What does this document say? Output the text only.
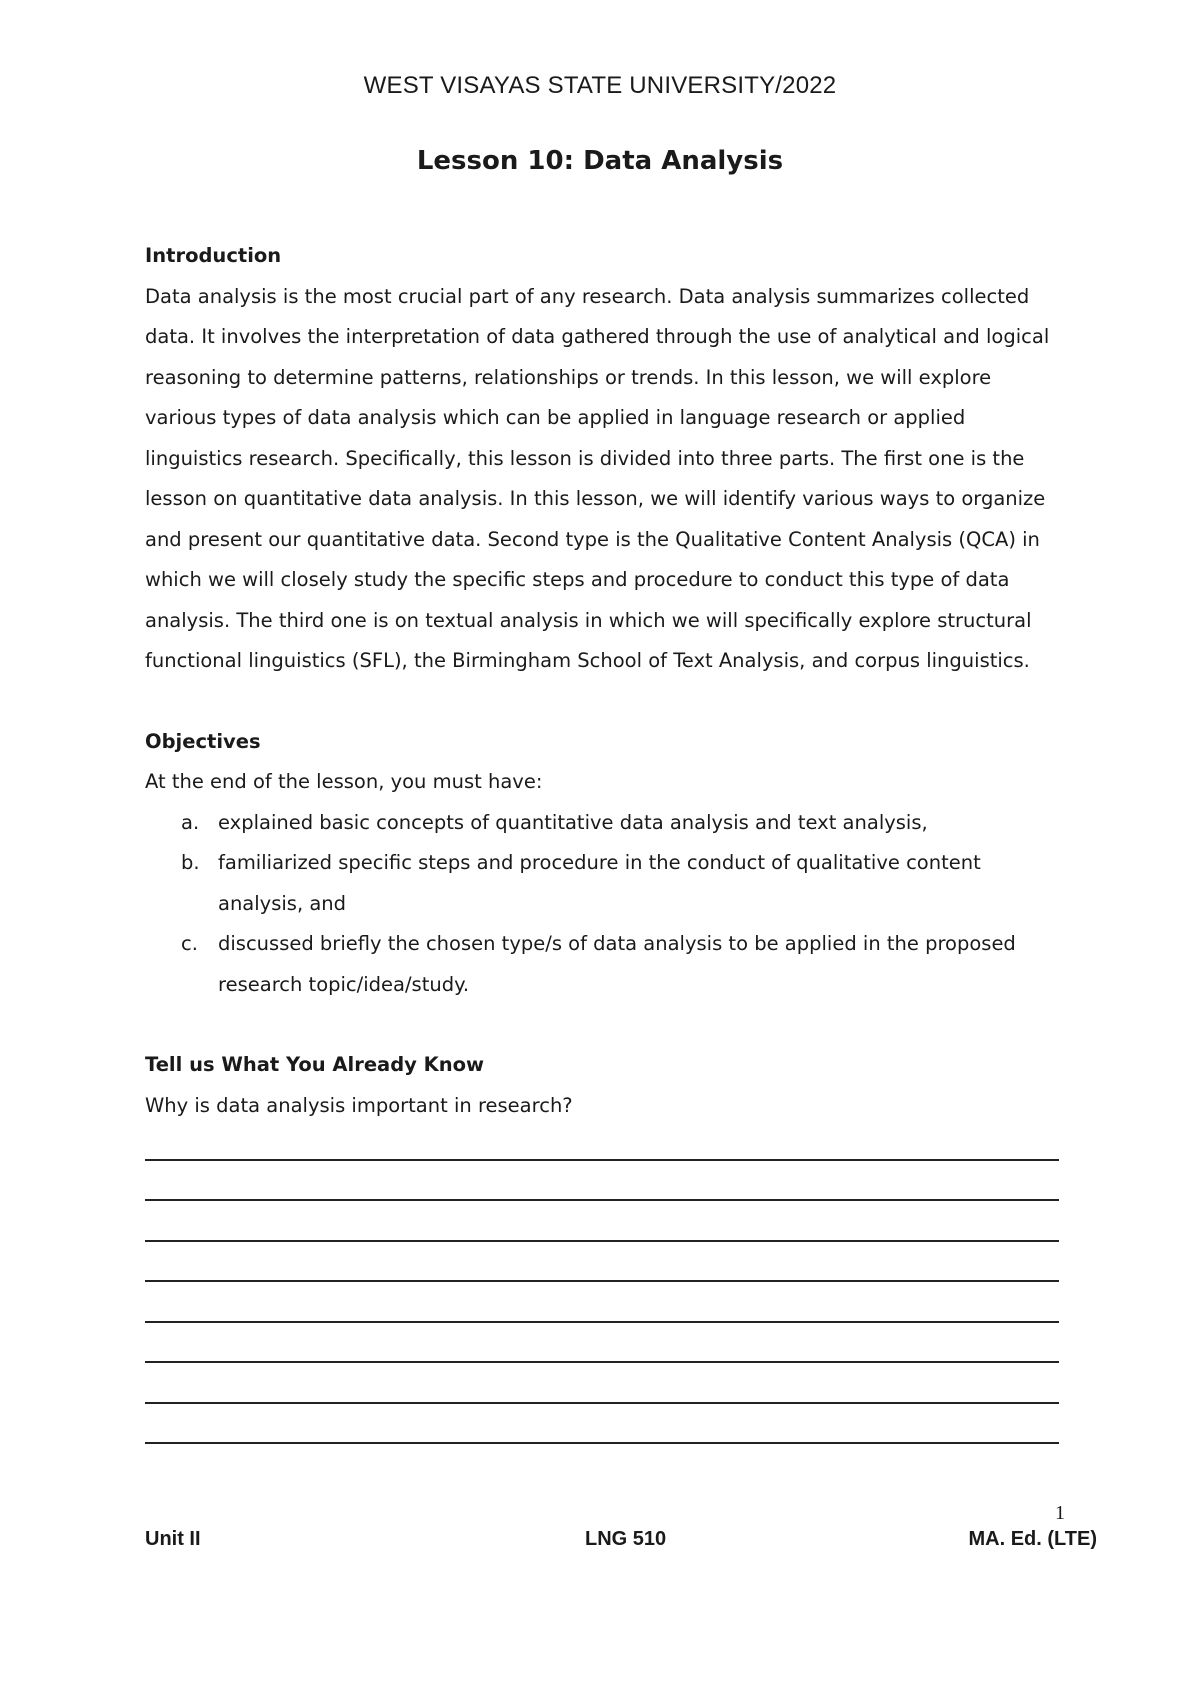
WEST VISAYAS STATE UNIVERSITY/2022
Lesson 10: Data Analysis
Introduction

Data analysis is the most crucial part of any research. Data analysis summarizes collected data. It involves the interpretation of data gathered through the use of analytical and logical reasoning to determine patterns, relationships or trends. In this lesson, we will explore various types of data analysis which can be applied in language research or applied linguistics research. Specifically, this lesson is divided into three parts. The first one is the lesson on quantitative data analysis. In this lesson, we will identify various ways to organize and present our quantitative data. Second type is the Qualitative Content Analysis (QCA) in which we will closely study the specific steps and procedure to conduct this type of data analysis. The third one is on textual analysis in which we will specifically explore structural functional linguistics (SFL), the Birmingham School of Text Analysis, and corpus linguistics.

Objectives
At the end of the lesson, you must have:
a. explained basic concepts of quantitative data analysis and text analysis,
b. familiarized specific steps and procedure in the conduct of qualitative content analysis, and
c. discussed briefly the chosen type/s of data analysis to be applied in the proposed research topic/idea/study.
Tell us What You Already Know
Why is data analysis important in research?
1
Unit II	LNG 510	MA. Ed. (LTE)
